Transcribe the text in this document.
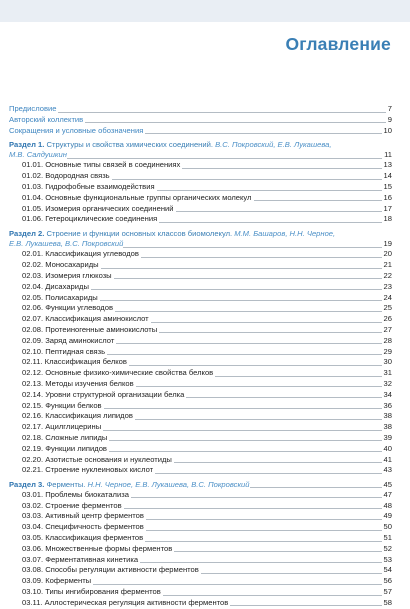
Оглавление
Предисловие	7
Авторский коллектив	9
Сокращения и условные обозначения	10
Раздел 1. Структуры и свойства химических соединений. В.С. Покровский, Е.В. Лукашева,
М.В. Салдушкин	11
01.01. Основные типы связей в соединениях	13
01.02. Водородная связь	14
01.03. Гидрофобные взаимодействия	15
01.04. Основные функциональные группы органических молекул	16
01.05. Изомерия органических соединений	17
01.06. Гетероциклические соединения	18
Раздел 2. Строение и функции основных классов биомолекул. М.М. Башаров, Н.Н. Черное,
Е.В. Лукашева, В.С. Покровский	19
02.01. Классификация углеводов	20
02.02. Моносахариды	21
02.03. Изомерия глюкозы	22
02.04. Дисахариды	23
02.05. Полисахариды	24
02.06. Функции углеводов	25
02.07. Классификация аминокислот	26
02.08. Протеиногенные аминокислоты	27
02.09. Заряд аминокислот	28
02.10. Пептидная связь	29
02.11. Классификация белков	30
02.12. Основные физико-химические свойства белков	31
02.13. Методы изучения белков	32
02.14. Уровни структурной организации белка	34
02.15. Функции белков	36
02.16. Классификация липидов	38
02.17. Ацилглицерины	38
02.18. Сложные липиды	39
02.19. Функции липидов	40
02.20. Азотистые основания и нуклеотиды	41
02.21. Строение нуклеиновых кислот	43
Раздел 3. Ферменты. Н.Н. Черное, Е.В. Лукашева, В.С. Покровский	45
03.01. Проблемы биокатализа	47
03.02. Строение ферментов	48
03.03. Активный центр ферментов	49
03.04. Специфичность ферментов	50
03.05. Классификация ферментов	51
03.06. Множественные формы ферментов	52
03.07. Ферментативная кинетика	53
03.08. Способы регуляции активности ферментов	54
03.09. Коферменты	56
03.10. Типы ингибирования ферментов	57
03.11. Аллостерическая регуляция активности ферментов	58
